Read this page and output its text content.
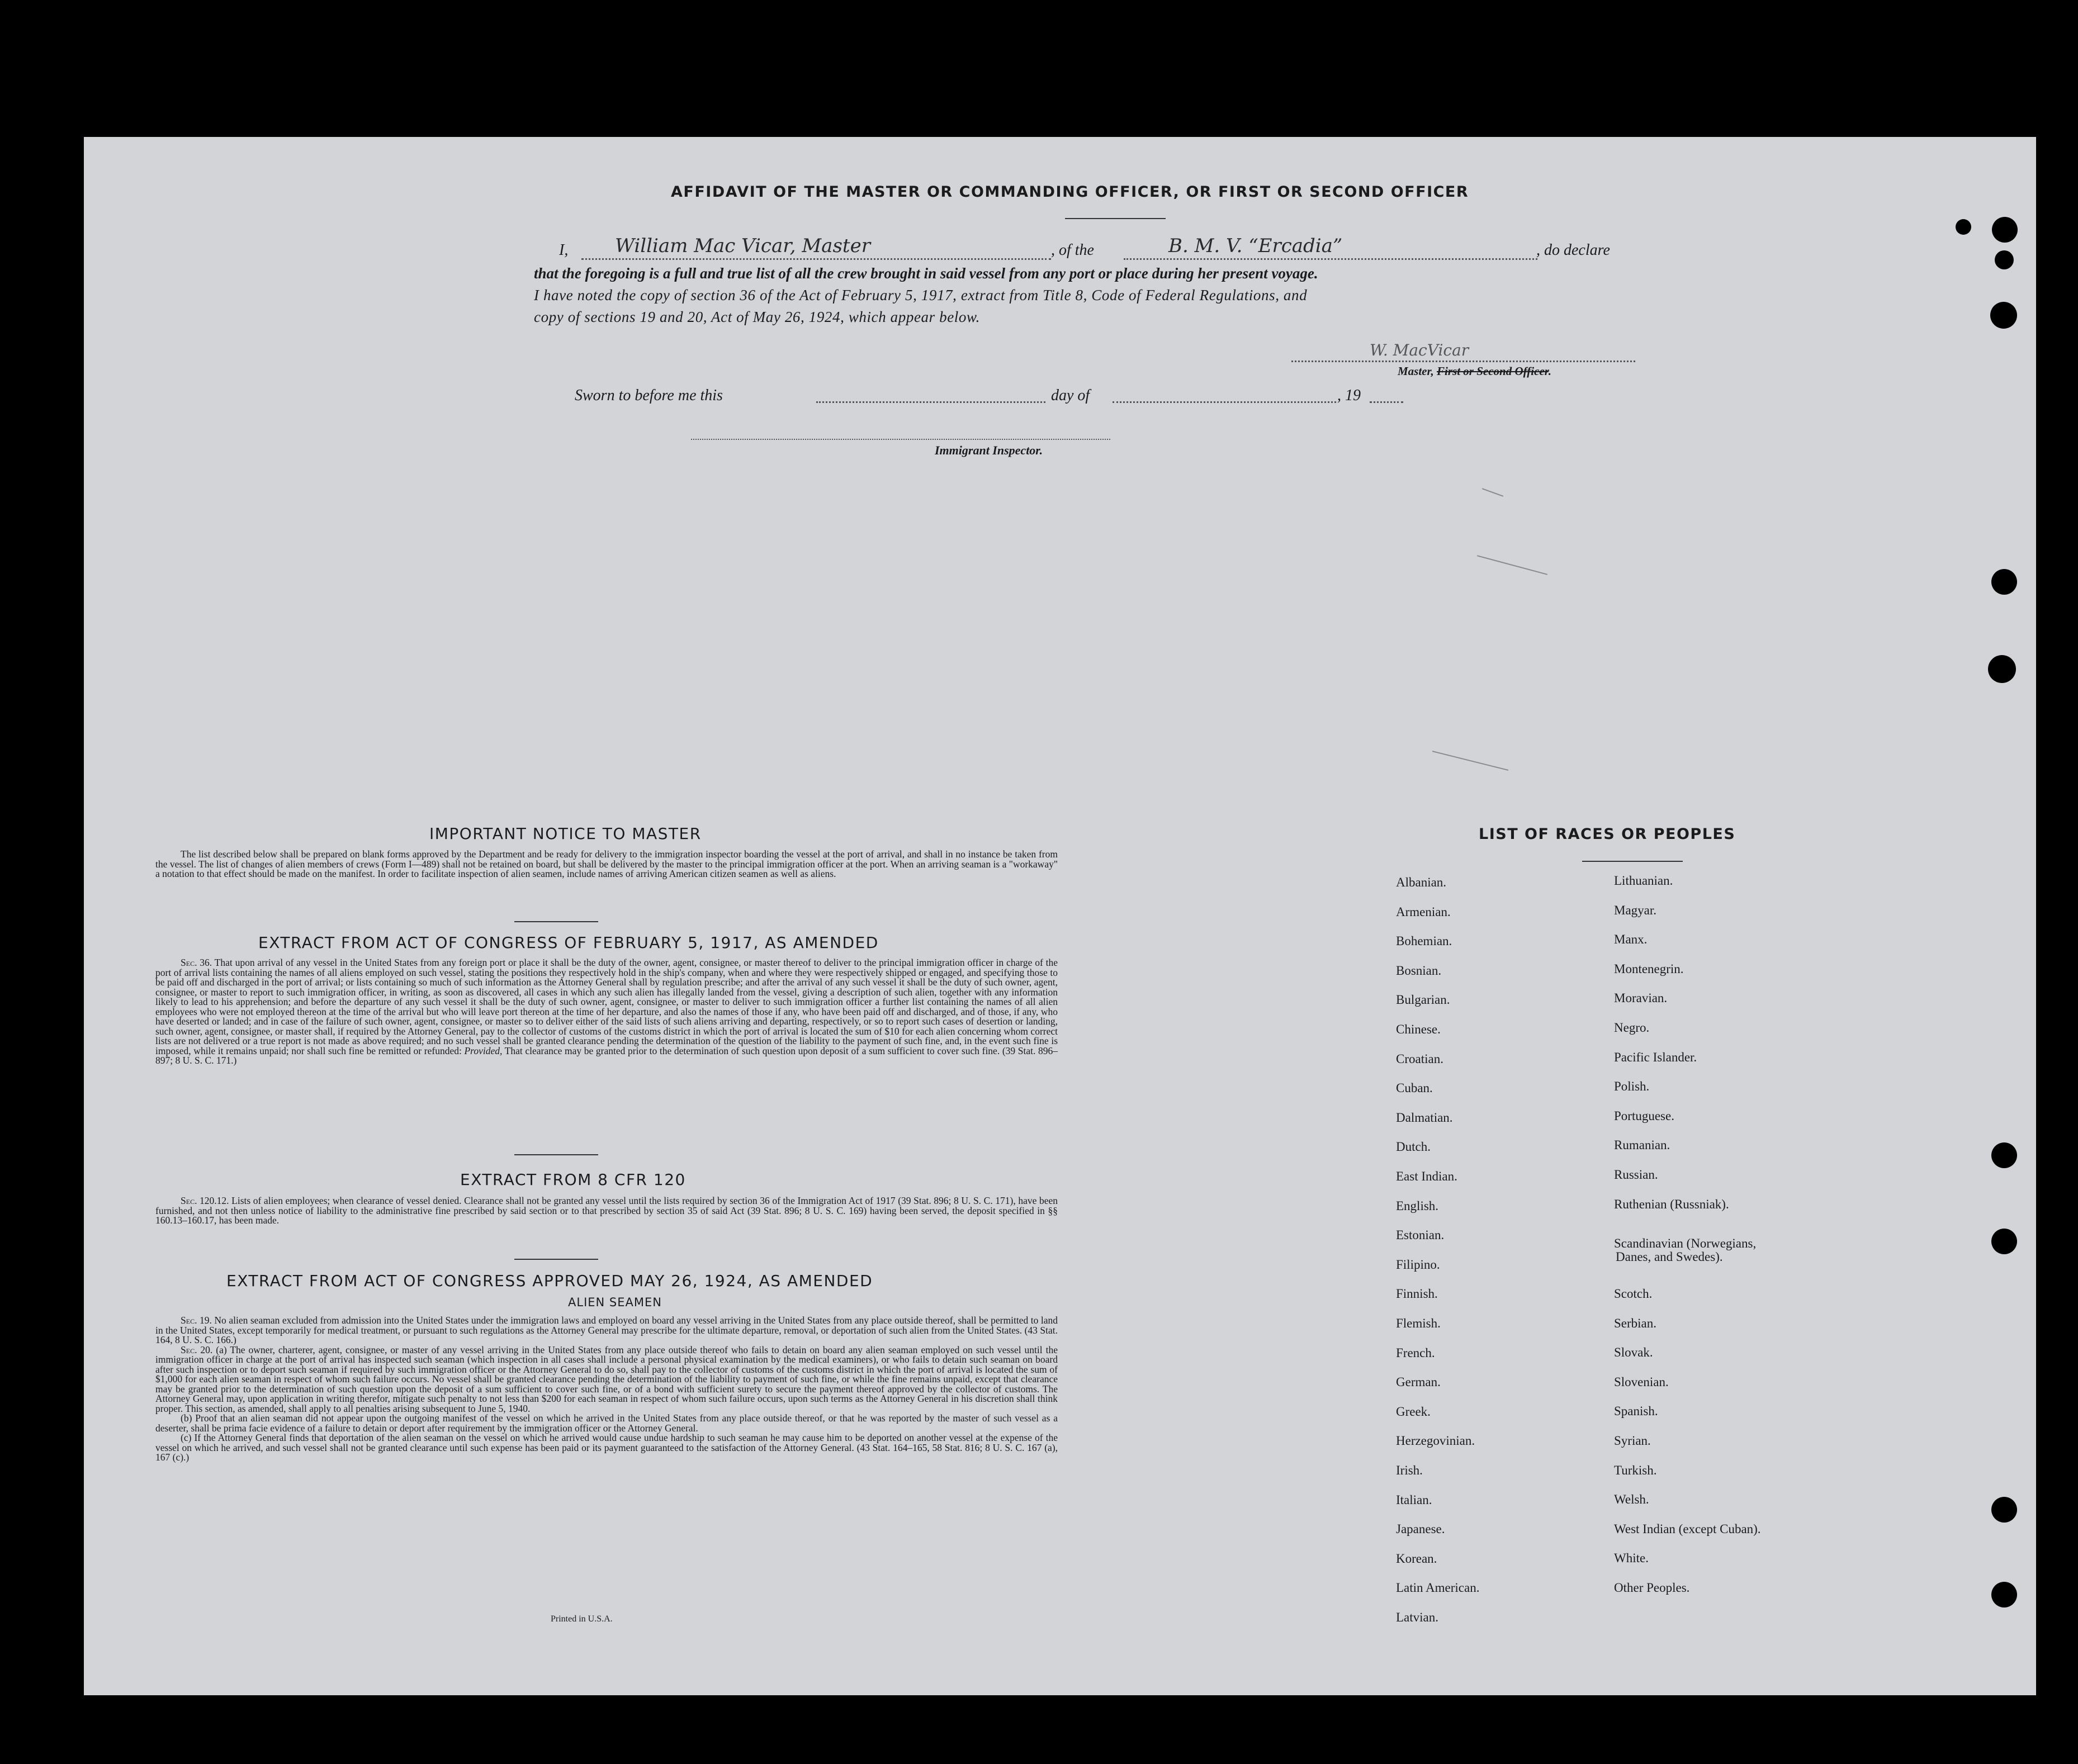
AFFIDAVIT OF THE MASTER OR COMMANDING OFFICER, OR FIRST OR SECOND OFFICER
I, William Mac Vicar, Master	, of the	B. M. V. “Ercadia”	, do declare
that the foregoing is a full and true list of all the crew brought in said vessel from any port or place during her present voyage.
I have noted the copy of section 36 of the Act of February 5, 1917, extract from Title 8, Code of Federal Regulations, and
copy of sections 19 and 20, Act of May 26, 1924, which appear below.
W. MacVicar
Master, First or Second Officer.
Sworn to before me this	day of	, 19
Immigrant Inspector.
IMPORTANT NOTICE TO MASTER

The list described below shall be prepared on blank forms approved by the Department and be ready for delivery to the immigration inspector boarding the vessel at the port of arrival, and shall in no instance be taken from the vessel. The list of changes of alien members of crews (Form I—489) shall not be retained on board, but shall be delivered by the master to the principal immigration officer at the port. When an arriving seaman is a "workaway" a notation to that effect should be made on the manifest. In order to facilitate inspection of alien seamen, include names of arriving American citizen seamen as well as aliens.

EXTRACT FROM ACT OF CONGRESS OF FEBRUARY 5, 1917, AS AMENDED

Sec. 36. That upon arrival of any vessel in the United States from any foreign port or place it shall be the duty of the owner, agent, consignee, or master thereof to deliver to the principal immigration officer in charge of the port of arrival lists containing the names of all aliens employed on such vessel, stating the positions they respectively hold in the ship's company, when and where they were respectively shipped or engaged, and specifying those to be paid off and discharged in the port of arrival; or lists containing so much of such information as the Attorney General shall by regulation prescribe; and after the arrival of any such vessel it shall be the duty of such owner, agent, consignee, or master to report to such immigration officer, in writing, as soon as discovered, all cases in which any such alien has illegally landed from the vessel, giving a description of such alien, together with any information likely to lead to his apprehension; and before the departure of any such vessel it shall be the duty of such owner, agent, consignee, or master to deliver to such immigration officer a further list containing the names of all alien employees who were not employed thereon at the time of the arrival but who will leave port thereon at the time of her departure, and also the names of those if any, who have been paid off and discharged, and of those, if any, who have deserted or landed; and in case of the failure of such owner, agent, consignee, or master so to deliver either of the said lists of such aliens arriving and departing, respectively, or so to report such cases of desertion or landing, such owner, agent, consignee, or master shall, if required by the Attorney General, pay to the collector of customs of the customs district in which the port of arrival is located the sum of $10 for each alien concerning whom correct lists are not delivered or a true report is not made as above required; and no such vessel shall be granted clearance pending the determination of the question of the liability to the payment of such fine, and, in the event such fine is imposed, while it remains unpaid; nor shall such fine be remitted or refunded: Provided, That clearance may be granted prior to the determination of such question upon deposit of a sum sufficient to cover such fine. (39 Stat. 896–897; 8 U. S. C. 171.)

EXTRACT FROM 8 CFR 120

Sec. 120.12. Lists of alien employees; when clearance of vessel denied. Clearance shall not be granted any vessel until the lists required by section 36 of the Immigration Act of 1917 (39 Stat. 896; 8 U. S. C. 171), have been furnished, and not then unless notice of liability to the administrative fine prescribed by said section or to that prescribed by section 35 of said Act (39 Stat. 896; 8 U. S. C. 169) having been served, the deposit specified in §§ 160.13–160.17, has been made.

EXTRACT FROM ACT OF CONGRESS APPROVED MAY 26, 1924, AS AMENDED
ALIEN SEAMEN

Sec. 19. No alien seaman excluded from admission into the United States under the immigration laws and employed on board any vessel arriving in the United States from any place outside thereof, shall be permitted to land in the United States, except temporarily for medical treatment, or pursuant to such regulations as the Attorney General may prescribe for the ultimate departure, removal, or deportation of such alien from the United States. (43 Stat. 164, 8 U. S. C. 166.)

Sec. 20. (a) The owner, charterer, agent, consignee, or master of any vessel arriving in the United States from any place outside thereof who fails to detain on board any alien seaman employed on such vessel until the immigration officer in charge at the port of arrival has inspected such seaman (which inspection in all cases shall include a personal physical examination by the medical examiners), or who fails to detain such seaman on board after such inspection or to deport such seaman if required by such immigration officer or the Attorney General to do so, shall pay to the collector of customs of the customs district in which the port of arrival is located the sum of $1,000 for each alien seaman in respect of whom such failure occurs. No vessel shall be granted clearance pending the determination of the liability to payment of such fine, or while the fine remains unpaid, except that clearance may be granted prior to the determination of such question upon the deposit of a sum sufficient to cover such fine, or of a bond with sufficient surety to secure the payment thereof approved by the collector of customs. The Attorney General may, upon application in writing therefor, mitigate such penalty to not less than $200 for each seaman in respect of whom such failure occurs, upon such terms as the Attorney General in his discretion shall think proper. This section, as amended, shall apply to all penalties arising subsequent to June 5, 1940.

(b) Proof that an alien seaman did not appear upon the outgoing manifest of the vessel on which he arrived in the United States from any place outside thereof, or that he was reported by the master of such vessel as a deserter, shall be prima facie evidence of a failure to detain or deport after requirement by the immigration officer or the Attorney General.

(c) If the Attorney General finds that deportation of the alien seaman on the vessel on which he arrived would cause undue hardship to such seaman he may cause him to be deported on another vessel at the expense of the vessel on which he arrived, and such vessel shall not be granted clearance until such expense has been paid or its payment guaranteed to the satisfaction of the Attorney General. (43 Stat. 164–165, 58 Stat. 816; 8 U. S. C. 167 (a), 167 (c).)

Printed in U.S.A.
LIST OF RACES OR PEOPLES
Albanian.
Armenian.
Bohemian.
Bosnian.
Bulgarian.
Chinese.
Croatian.
Cuban.
Dalmatian.
Dutch.
East Indian.
English.
Estonian.
Filipino.
Finnish.
Flemish.
French.
German.
Greek.
Herzegovinian.
Irish.
Italian.
Japanese.
Korean.
Latin American.
Latvian.
Lithuanian.
Magyar.
Manx.
Montenegrin.
Moravian.
Negro.
Pacific Islander.
Polish.
Portuguese.
Rumanian.
Russian.
Ruthenian (Russniak).
Scandinavian (Norwegians,
Danes, and Swedes).
Scotch.
Serbian.
Slovak.
Slovenian.
Spanish.
Syrian.
Turkish.
Welsh.
West Indian (except Cuban).
White.
Other Peoples.
